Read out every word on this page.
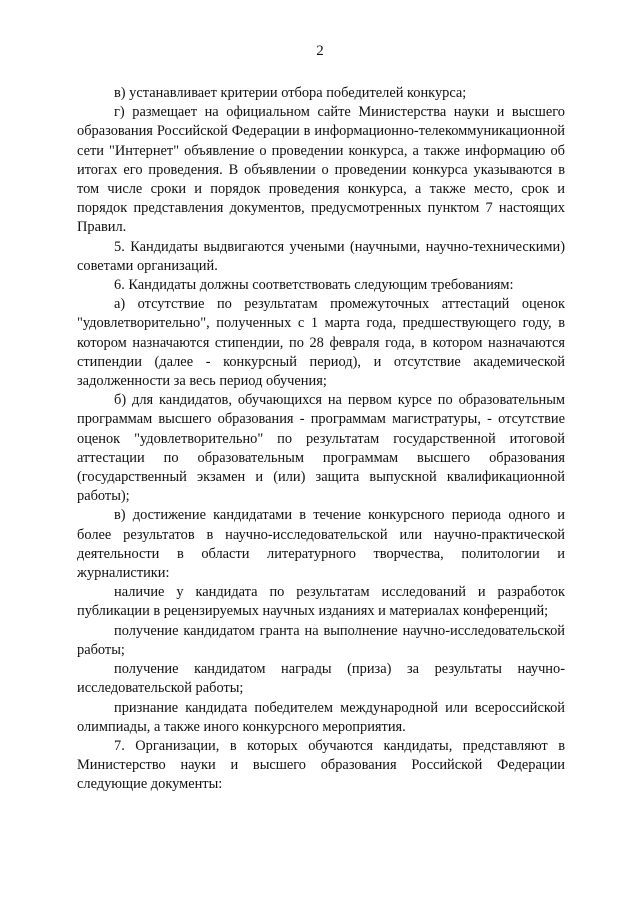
2

в) устанавливает критерии отбора победителей конкурса;

г) размещает на официальном сайте Министерства науки и высшего образования Российской Федерации в информационно-телекоммуникационной сети "Интернет" объявление о проведении конкурса, а также информацию об итогах его проведения. В объявлении о проведении конкурса указываются в том числе сроки и порядок проведения конкурса, а также место, срок и порядок представления документов, предусмотренных пунктом 7 настоящих Правил.

5. Кандидаты выдвигаются учеными (научными, научно-техническими) советами организаций.

6. Кандидаты должны соответствовать следующим требованиям:

а) отсутствие по результатам промежуточных аттестаций оценок "удовлетворительно", полученных с 1 марта года, предшествующего году, в котором назначаются стипендии, по 28 февраля года, в котором назначаются стипендии (далее - конкурсный период), и отсутствие академической задолженности за весь период обучения;

б) для кандидатов, обучающихся на первом курсе по образовательным программам высшего образования - программам магистратуры, - отсутствие оценок "удовлетворительно" по результатам государственной итоговой аттестации по образовательным программам высшего образования (государственный экзамен и (или) защита выпускной квалификационной работы);

в) достижение кандидатами в течение конкурсного периода одного и более результатов в научно-исследовательской или научно-практической деятельности в области литературного творчества, политологии и журналистики:

наличие у кандидата по результатам исследований и разработок публикации в рецензируемых научных изданиях и материалах конференций;

получение кандидатом гранта на выполнение научно-исследовательской работы;

получение кандидатом награды (приза) за результаты научно-исследовательской работы;

признание кандидата победителем международной или всероссийской олимпиады, а также иного конкурсного мероприятия.

7. Организации, в которых обучаются кандидаты, представляют в Министерство науки и высшего образования Российской Федерации следующие документы:
